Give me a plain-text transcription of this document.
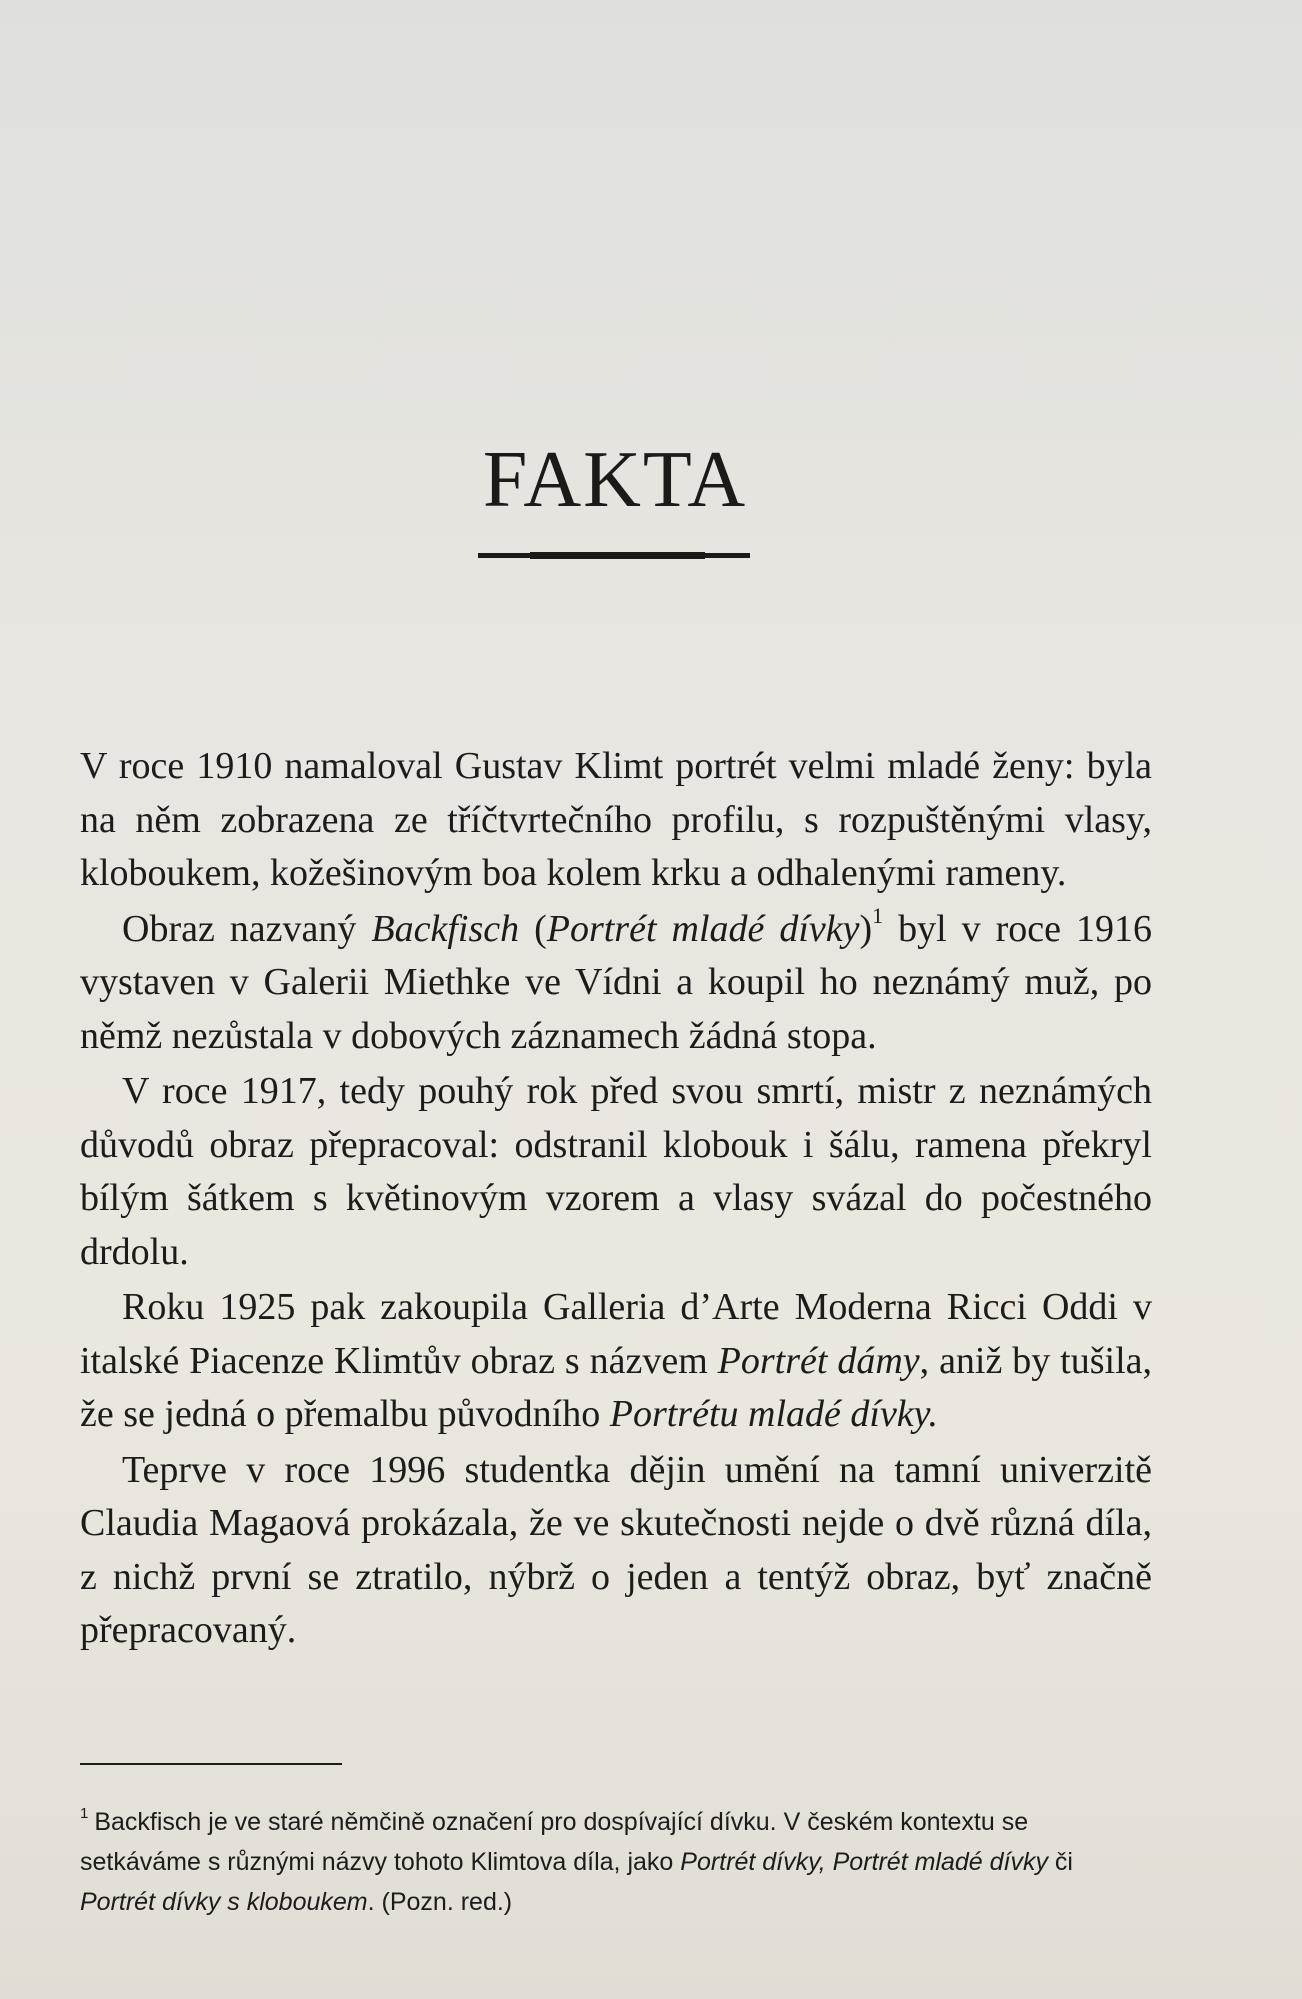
FAKTA

V roce 1910 namaloval Gustav Klimt portrét velmi mladé ženy: byla na něm zobrazena ze tříčtvrtečního profilu, s rozpuštěnými vlasy, kloboukem, kožešinovým boa kolem krku a odhalenými rameny.

Obraz nazvaný Backfisch (Portrét mladé dívky)$^1$ byl v roce 1916 vystaven v Galerii Miethke ve Vídni a koupil ho neznámý muž, po němž nezůstala v dobových záznamech žádná stopa.

V roce 1917, tedy pouhý rok před svou smrtí, mistr z neznámých důvodů obraz přepracoval: odstranil klobouk i šálu, ramena překryl bílým šátkem s květinovým vzorem a vlasy svázal do počestného drdolu.

Roku 1925 pak zakoupila Galleria d’Arte Moderna Ricci Oddi v italské Piacenze Klimtův obraz s názvem Portrét dámy, aniž by tušila, že se jedná o přemalbu původního Portrétu mladé dívky.

Teprve v roce 1996 studentka dějin umění na tamní univerzitě Claudia Magaová prokázala, že ve skutečnosti nejde o dvě různá díla, z nichž první se ztratilo, nýbrž o jeden a tentýž obraz, byť značně přepracovaný.

$^1$ Backfisch je ve staré němčině označení pro dospívající dívku. V českém kontextu se setkáváme s různými názvy tohoto Klimtova díla, jako Portrét dívky, Portrét mladé dívky či Portrét dívky s kloboukem. (Pozn. red.)
